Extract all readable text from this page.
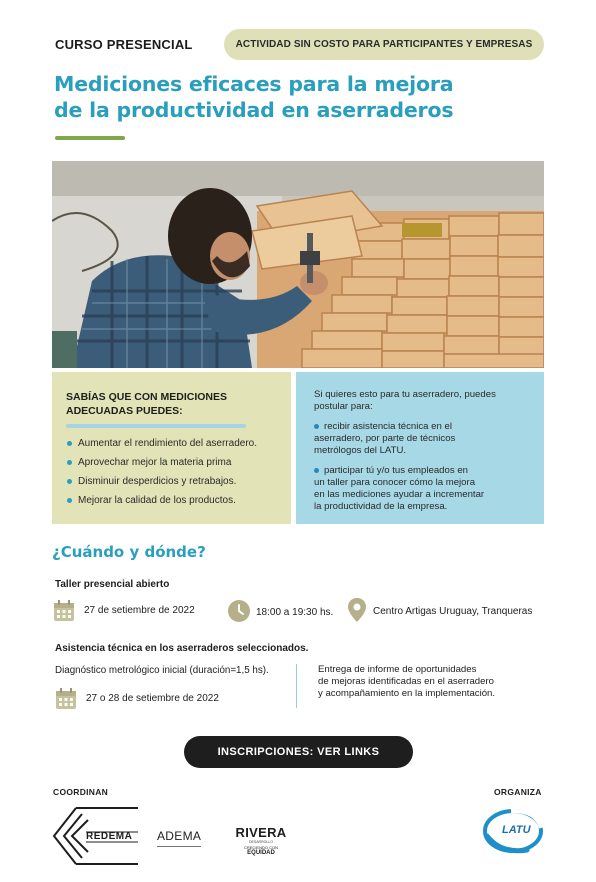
CURSO PRESENCIAL	ACTIVIDAD SIN COSTO PARA PARTICIPANTES Y EMPRESAS
Mediciones eficaces para la mejora
de la productividad en aserraderos
SABÍAS QUE CON MEDICIONES
ADECUADAS PUEDES:
Aumentar el rendimiento del aserradero.
Aprovechar mejor la materia prima
Disminuir desperdicios y retrabajos.
Mejorar la calidad de los productos.
Si quieres esto para tu aserradero, puedes
postular para:
recibir asistencia técnica en el
aserradero, por parte de técnicos
metrólogos del LATU.
participar tú y/o tus empleados en
un taller para conocer cómo la mejora
en las mediciones ayudar a incrementar
la productividad de la empresa.
¿Cuándo y dónde?
Taller presencial abierto
27 de setiembre de 2022	18:00 a 19:30 hs.	Centro Artigas Uruguay, Tranqueras
Asistencia técnica en los aserraderos seleccionados.
Diagnóstico metrológico inicial (duración=1,5 hs).
27 o 28 de setiembre de 2022
Entrega de informe de oportunidades
de mejoras identificadas en el aserradero
y acompañamiento en la implementación.
INSCRIPCIONES: VER LINKS
COORDINAN	ORGANIZA
REDEMA ADEMA	RIVERA
DESARROLLO
CRECIENDO CON
EQUIDAD
LATU
